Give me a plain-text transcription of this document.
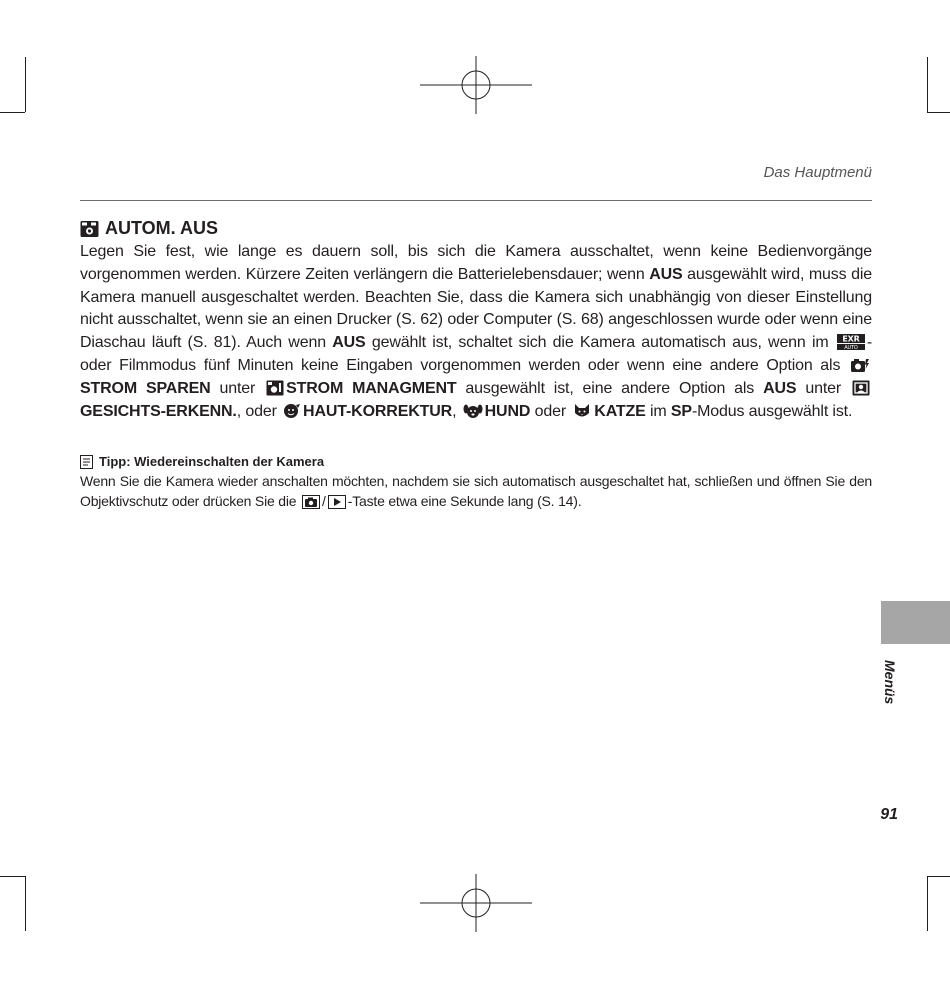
Das Hauptmenü
AUTOM. AUS

Legen Sie fest, wie lange es dauern soll, bis sich die Kamera ausschaltet, wenn keine Bedienvorgänge vorgenommen werden. Kürzere Zeiten verlängern die Batterielebensdauer; wenn AUS ausgewählt wird, muss die Kamera manuell ausgeschaltet werden. Beachten Sie, dass die Kamera sich unabhängig von dieser Einstellung nicht ausschaltet, wenn sie an einen Drucker (S. 62) oder Computer (S. 68) angeschlossen wurde oder wenn eine Diaschau läuft (S. 81). Auch wenn AUS gewählt ist, schaltet sich die Kamera automatisch aus, wenn im EXR
AUTO - oder Filmmodus fünf Minuten keine Eingaben vorgenommen werden oder wenn eine andere Option als STROM SPAREN unter STROM MANAGMENT ausgewählt ist, eine andere Option als AUS unter GESICHTS-ERKENN., oder HAUT-KORREKTUR, HUND oder KATZE im SP-Modus ausgewählt ist.

Tipp: Wiedereinschalten der Kamera

Wenn Sie die Kamera wieder anschalten möchten, nachdem sie sich automatisch ausgeschaltet hat, schließen und öffnen Sie den Objektivschutz oder drücken Sie die / -Taste etwa eine Sekunde lang (S. 14).

Menüs
91
